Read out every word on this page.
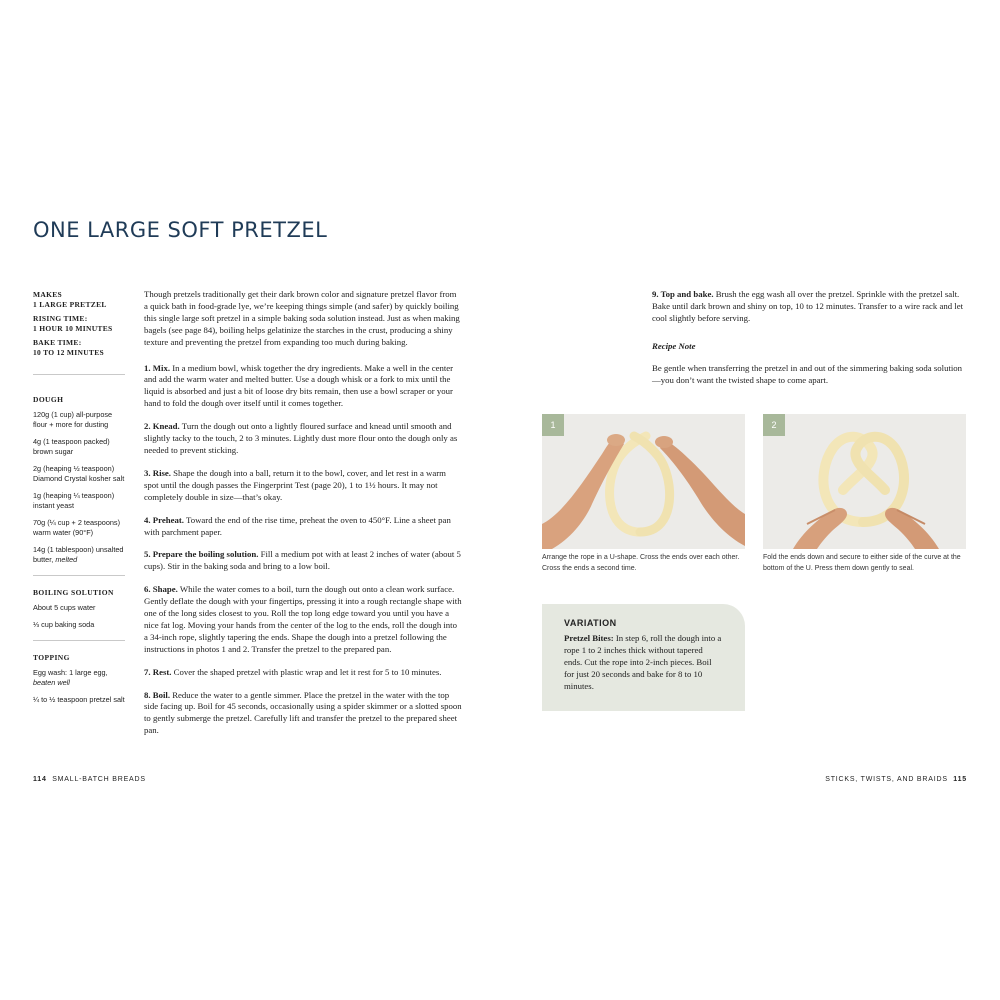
ONE LARGE SOFT PRETZEL
MAKES
1 LARGE PRETZEL
RISING TIME:
1 HOUR 10 MINUTES
BAKE TIME:
10 TO 12 MINUTES
DOUGH
120g (1 cup) all-purpose flour + more for dusting
4g (1 teaspoon packed) brown sugar
2g (heaping ½ teaspoon) Diamond Crystal kosher salt
1g (heaping ¼ teaspoon) instant yeast
70g (¼ cup + 2 teaspoons) warm water (90°F)
14g (1 tablespoon) unsalted butter, melted
BOILING SOLUTION
About 5 cups water
⅓ cup baking soda
TOPPING
Egg wash: 1 large egg, beaten well
¼ to ½ teaspoon pretzel salt

Though pretzels traditionally get their dark brown color and signature pretzel flavor from a quick bath in food-grade lye, we’re keeping things simple (and safer) by quickly boiling this single large soft pretzel in a simple baking soda solution instead. Just as when making bagels (see page 84), boiling helps gelatinize the starches in the crust, producing a shiny texture and preventing the pretzel from expanding too much during baking.

1. Mix. In a medium bowl, whisk together the dry ingredients. Make a well in the center and add the warm water and melted butter. Use a dough whisk or a fork to mix until the liquid is absorbed and just a bit of loose dry bits remain, then use a bowl scraper or your hand to fold the dough over itself until it comes together.

2. Knead. Turn the dough out onto a lightly floured surface and knead until smooth and slightly tacky to the touch, 2 to 3 minutes. Lightly dust more flour onto the dough only as needed to prevent sticking.

3. Rise. Shape the dough into a ball, return it to the bowl, cover, and let rest in a warm spot until the dough passes the Fingerprint Test (page 20), 1 to 1½ hours. It may not completely double in size—that’s okay.

4. Preheat. Toward the end of the rise time, preheat the oven to 450°F. Line a sheet pan with parchment paper.

5. Prepare the boiling solution. Fill a medium pot with at least 2 inches of water (about 5 cups). Stir in the baking soda and bring to a low boil.

6. Shape. While the water comes to a boil, turn the dough out onto a clean work surface. Gently deflate the dough with your fingertips, pressing it into a rough rectangle shape with one of the long sides closest to you. Roll the top long edge toward you until you have a nice fat log. Moving your hands from the center of the log to the ends, roll the dough into a 34-inch rope, slightly tapering the ends. Shape the dough into a pretzel following the instructions in photos 1 and 2. Transfer the pretzel to the prepared pan.

7. Rest. Cover the shaped pretzel with plastic wrap and let it rest for 5 to 10 minutes.

8. Boil. Reduce the water to a gentle simmer. Place the pretzel in the water with the top side facing up. Boil for 45 seconds, occasionally using a spider skimmer or a slotted spoon to gently submerge the pretzel. Carefully lift and transfer the pretzel to the prepared sheet pan.

9. Top and bake. Brush the egg wash all over the pretzel. Sprinkle with the pretzel salt. Bake until dark brown and shiny on top, 10 to 12 minutes. Transfer to a wire rack and let cool slightly before serving.

Recipe Note

Be gentle when transferring the pretzel in and out of the simmering baking soda solution—you don’t want the twisted shape to come apart.

1
Arrange the rope in a U-shape. Cross the ends over each other. Cross the ends a second time.
2
Fold the ends down and secure to either side of the curve at the bottom of the U. Press them down gently to seal.
VARIATION

Pretzel Bites: In step 6, roll the dough into a rope 1 to 2 inches thick without tapered ends. Cut the rope into 2-inch pieces. Boil for just 20 seconds and bake for 8 to 10 minutes.

114 SMALL-BATCH BREADS	STICKS, TWISTS, AND BRAIDS 115
